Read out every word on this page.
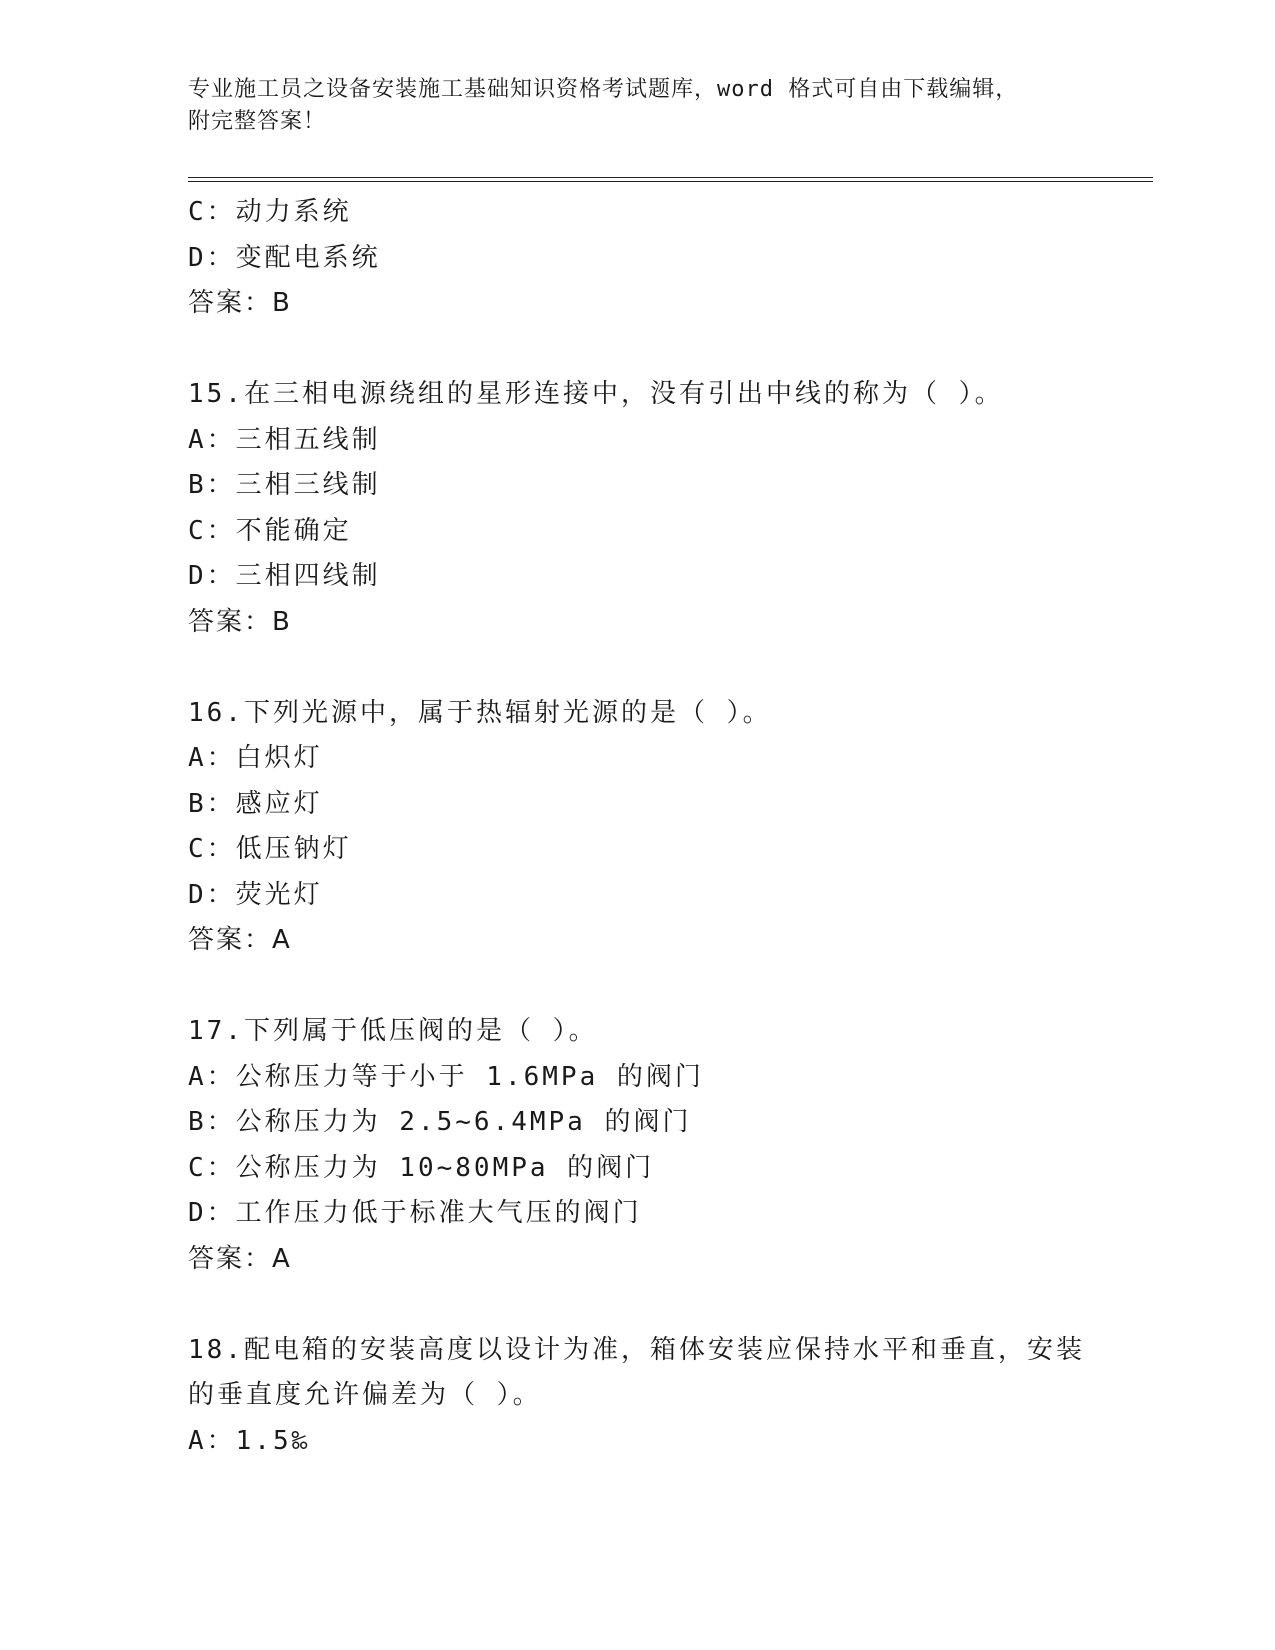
专业施工员之设备安装施工基础知识资格考试题库，word 格式可自由下载编辑，
附完整答案！
C：动力系统
D：变配电系统
答案：B
15.在三相电源绕组的星形连接中，没有引出中线的称为（ ）。
A：三相五线制
B：三相三线制
C：不能确定
D：三相四线制
答案：B
16.下列光源中，属于热辐射光源的是（ ）。
A：白炽灯
B：感应灯
C：低压钠灯
D：荧光灯
答案：A
17.下列属于低压阀的是（ ）。
A：公称压力等于小于 1.6MPa 的阀门
B：公称压力为 2.5~6.4MPa 的阀门
C：公称压力为 10~80MPa 的阀门
D：工作压力低于标准大气压的阀门
答案：A
18.配电箱的安装高度以设计为准，箱体安装应保持水平和垂直，安装
的垂直度允许偏差为（ ）。
A：1.5‰
